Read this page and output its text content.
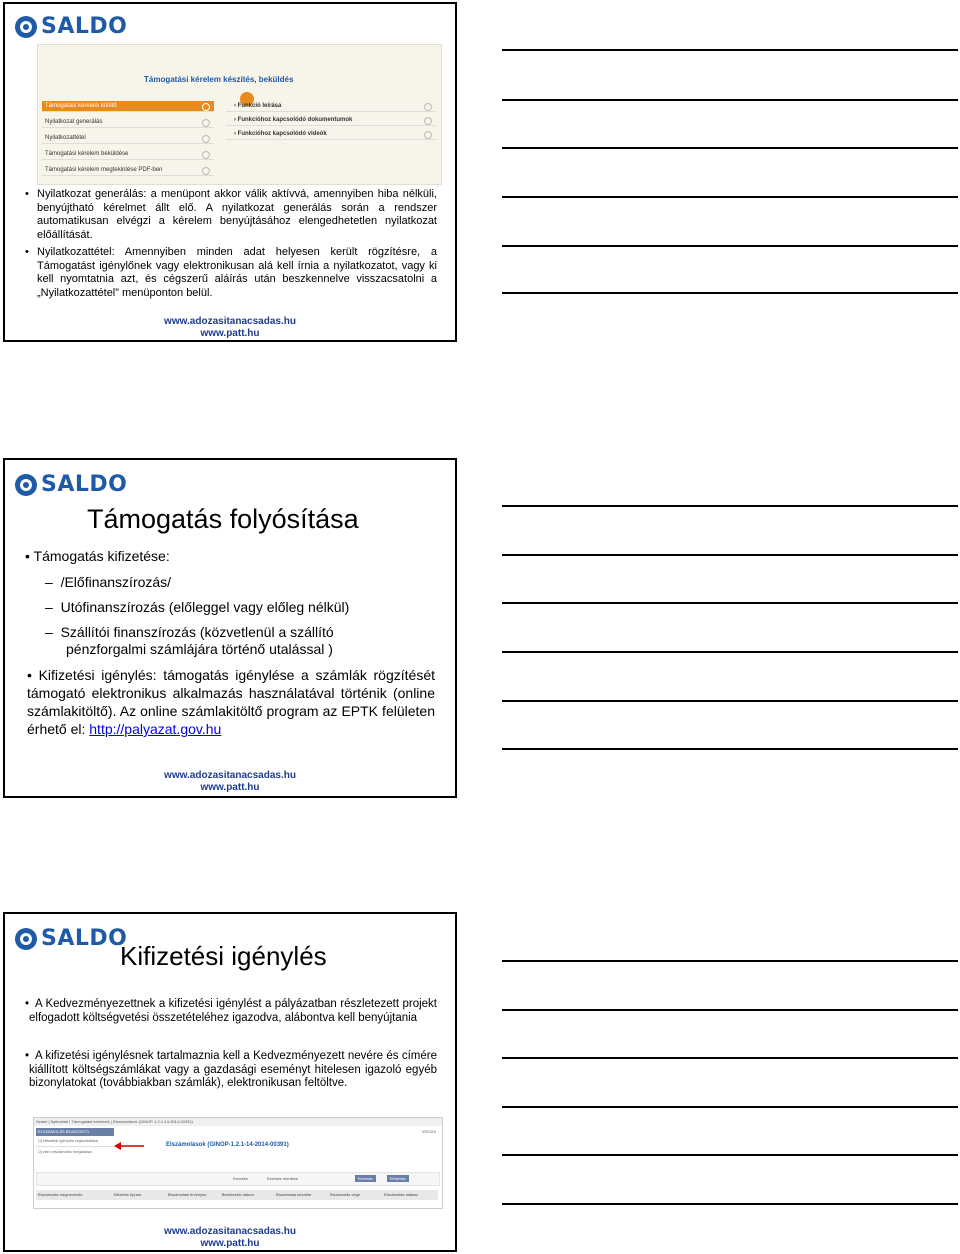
SALDO
Támogatási kérelem készítés, beküldés
Támogatási kérelem kitöltő
Nyilatkozat generálás
Nyilatkozattétel
Támogatási kérelem beküldése
Támogatási kérelem megtekintése PDF-ben
› Funkció leírása
› Funkcióhoz kapcsolódó dokumentumok
› Funkcióhoz kapcsolódó videók
• Nyilatkozat generálás: a menüpont akkor válik aktívvá, amennyiben hiba nélküli, benyújtható kérelmet állt elő. A nyilatkozat generálás során a rendszer automatikusan elvégzi a kérelem benyújtásához elengedhetetlen nyilatkozat előállítását.
• Nyilatkozattétel: Amennyiben minden adat helyesen került rögzítésre, a Támogatást igénylőnek vagy elektronikusan alá kell írnia a nyilatkozatot, vagy ki kell nyomtatnia azt, és cégszerű aláírás után beszkennelve visszacsatolni a „Nyilatkozattétel” menüponton belül.
www.adozasitanacsadas.hu
www.patt.hu
SALDO
Támogatás folyósítása
• Támogatás kifizetése:
–  /Előfinanszírozás/
–  Utófinanszírozás (előleggel vagy előleg nélkül)
–  Szállítói finanszírozás (közvetlenül a szállító
pénzforgalmi számlájára történő utalással )
• Kifizetési igénylés: támogatás igénylése a számlák rögzítését támogató elektronikus alkalmazás használatával történik (online számlakitöltő). Az online számlakitöltő program az EPTK felületen érhető el: http://palyazat.gov.hu
www.adozasitanacsadas.hu
www.patt.hu
SALDO
Kifizetési igénylés
• A Kedvezményezettnek a kifizetési igénylést a pályázatban részletezett projekt elfogadott költségvetési összetételéhez igazodva, alábontva kell benyújtania
• A kifizetési igénylésnek tartalmaznia kell a Kedvezményezett nevére és címére kiállított költségszámlákat vagy a gazdasági eseményt hitelesen igazoló egyéb bizonylatokat (továbbiakban számlák), elektronikusan feltöltve.
Szabó | Nyitóoldal | Támogatási kérelmek | Elszámolások (GINOP-1.2.1-14-2014-00391)
VISSZA
ELSZÁMOLÁS BEADÓSITÓ
Új kifizetési igénylés regisztrálása
Új záró elszámolás megadása
Elszámolások (GINOP-1.2.1-14-2014-00391)
Keresés	Keresés mentése	Keresés	Elhárítás
Elszámolás megnevezés	Kifizetés típusa	Elszámolási érvényes	Beérkezési dátum	Elszámolás kezdete	Elszámolás vége	Elszámolás státusz
www.adozasitanacsadas.hu
www.patt.hu
